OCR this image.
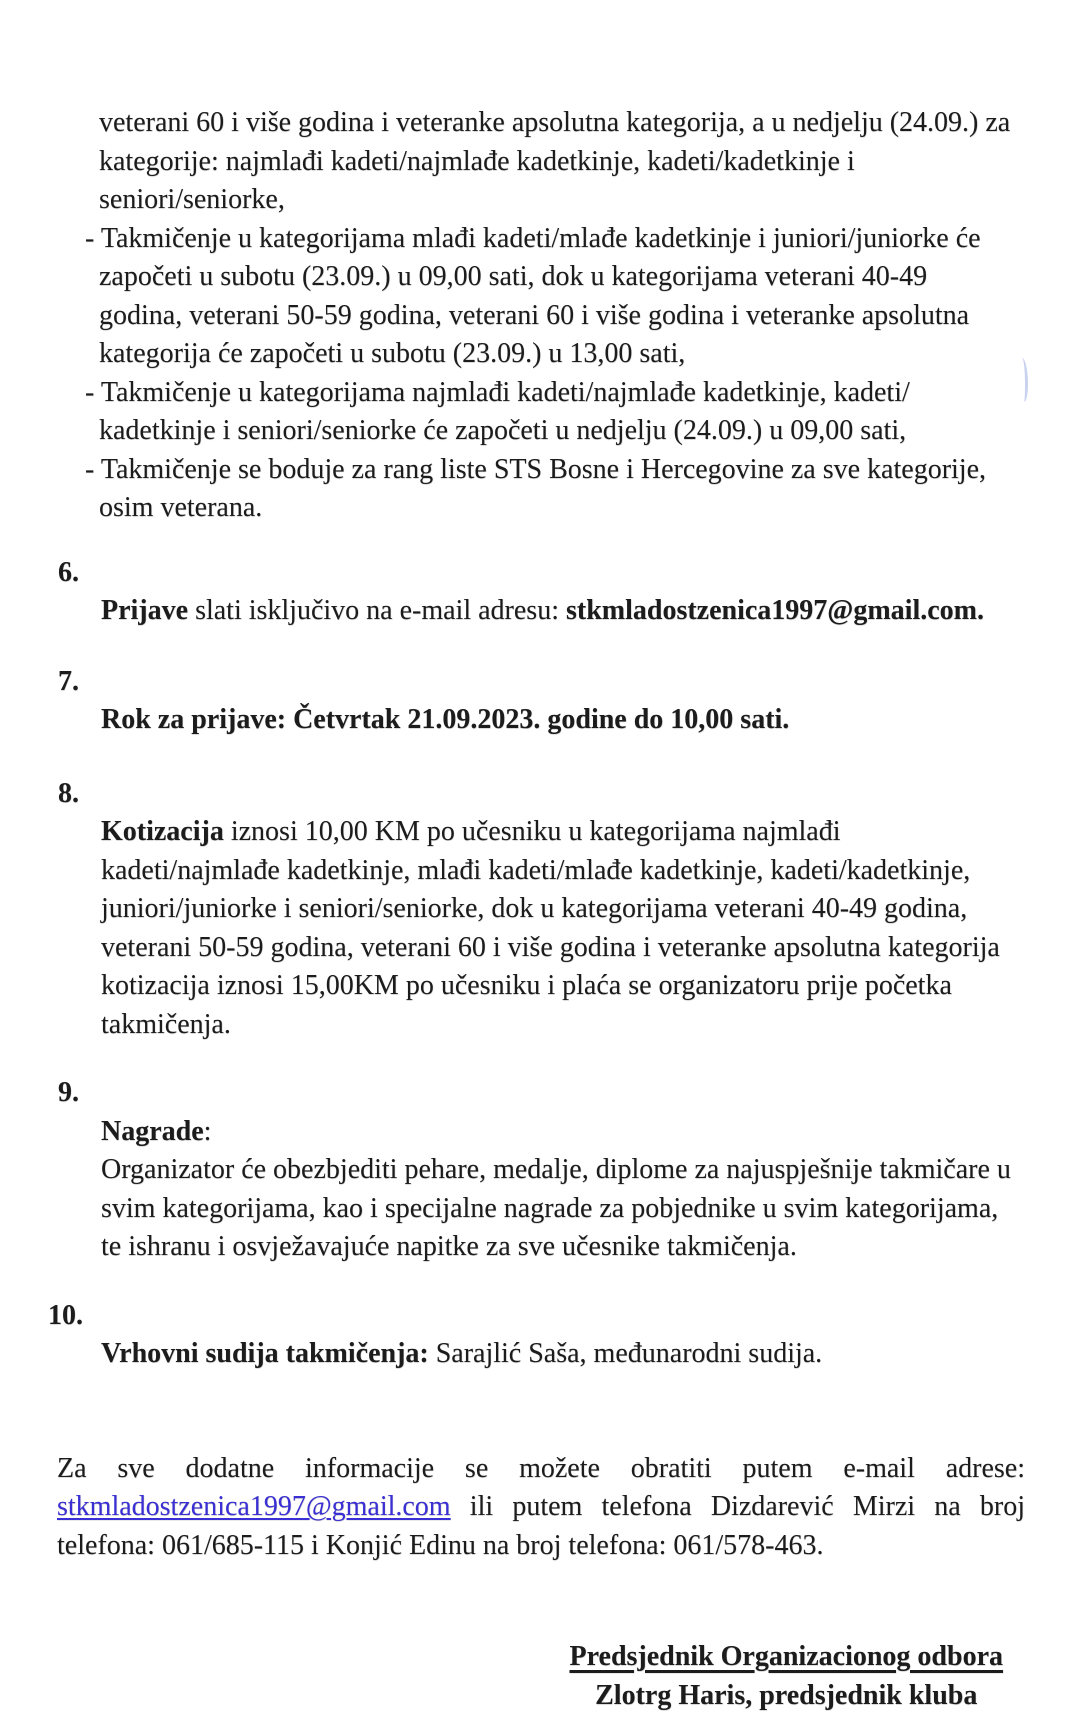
veterani 60 i više godina i veteranke apsolutna kategorija, a u nedjelju (24.09.) za
kategorije: najmlađi kadeti/najmlađe kadetkinje, kadeti/kadetkinje i
seniori/seniorke,
- Takmičenje u kategorijama mlađi kadeti/mlađe kadetkinje i juniori/juniorke će
započeti u subotu (23.09.) u 09,00 sati, dok u kategorijama veterani 40-49
godina, veterani 50-59 godina, veterani 60 i više godina i veteranke apsolutna
kategorija će započeti u subotu (23.09.) u 13,00 sati,
- Takmičenje u kategorijama najmlađi kadeti/najmlađe kadetkinje, kadeti/
kadetkinje i seniori/seniorke će započeti u nedjelju (24.09.) u 09,00 sati,
- Takmičenje se boduje za rang liste STS Bosne i Hercegovine za sve kategorije,
osim veterana.

6.
Prijave slati isključivo na e-mail adresu: stkmladostzenica1997@gmail.com.

7.
Rok za prijave: Četvrtak 21.09.2023. godine do 10,00 sati.

8.
Kotizacija iznosi 10,00 KM po učesniku u kategorijama najmlađi
kadeti/najmlađe kadetkinje, mlađi kadeti/mlađe kadetkinje, kadeti/kadetkinje,
juniori/juniorke i seniori/seniorke, dok u kategorijama veterani 40-49 godina,
veterani 50-59 godina, veterani 60 i više godina i veteranke apsolutna kategorija
kotizacija iznosi 15,00KM po učesniku i plaća se organizatoru prije početka
takmičenja.

9.
Nagrade:
Organizator će obezbjediti pehare, medalje, diplome za najuspješnije takmičare u
svim kategorijama, kao i specijalne nagrade za pobjednike u svim kategorijama,
te ishranu i osvježavajuće napitke za sve učesnike takmičenja.

10.
Vrhovni sudija takmičenja: Sarajlić Saša, međunarodni sudija.

Za sve dodatne informacije se možete obratiti putem e-mail adrese: stkmladostzenica1997@gmail.com ili putem telefona Dizdarević Mirzi na broj telefona: 061/685-115 i Konjić Edinu na broj telefona: 061/578-463.

Predsjednik Organizacionog odbora
Zlotrg Haris, predsjednik kluba
